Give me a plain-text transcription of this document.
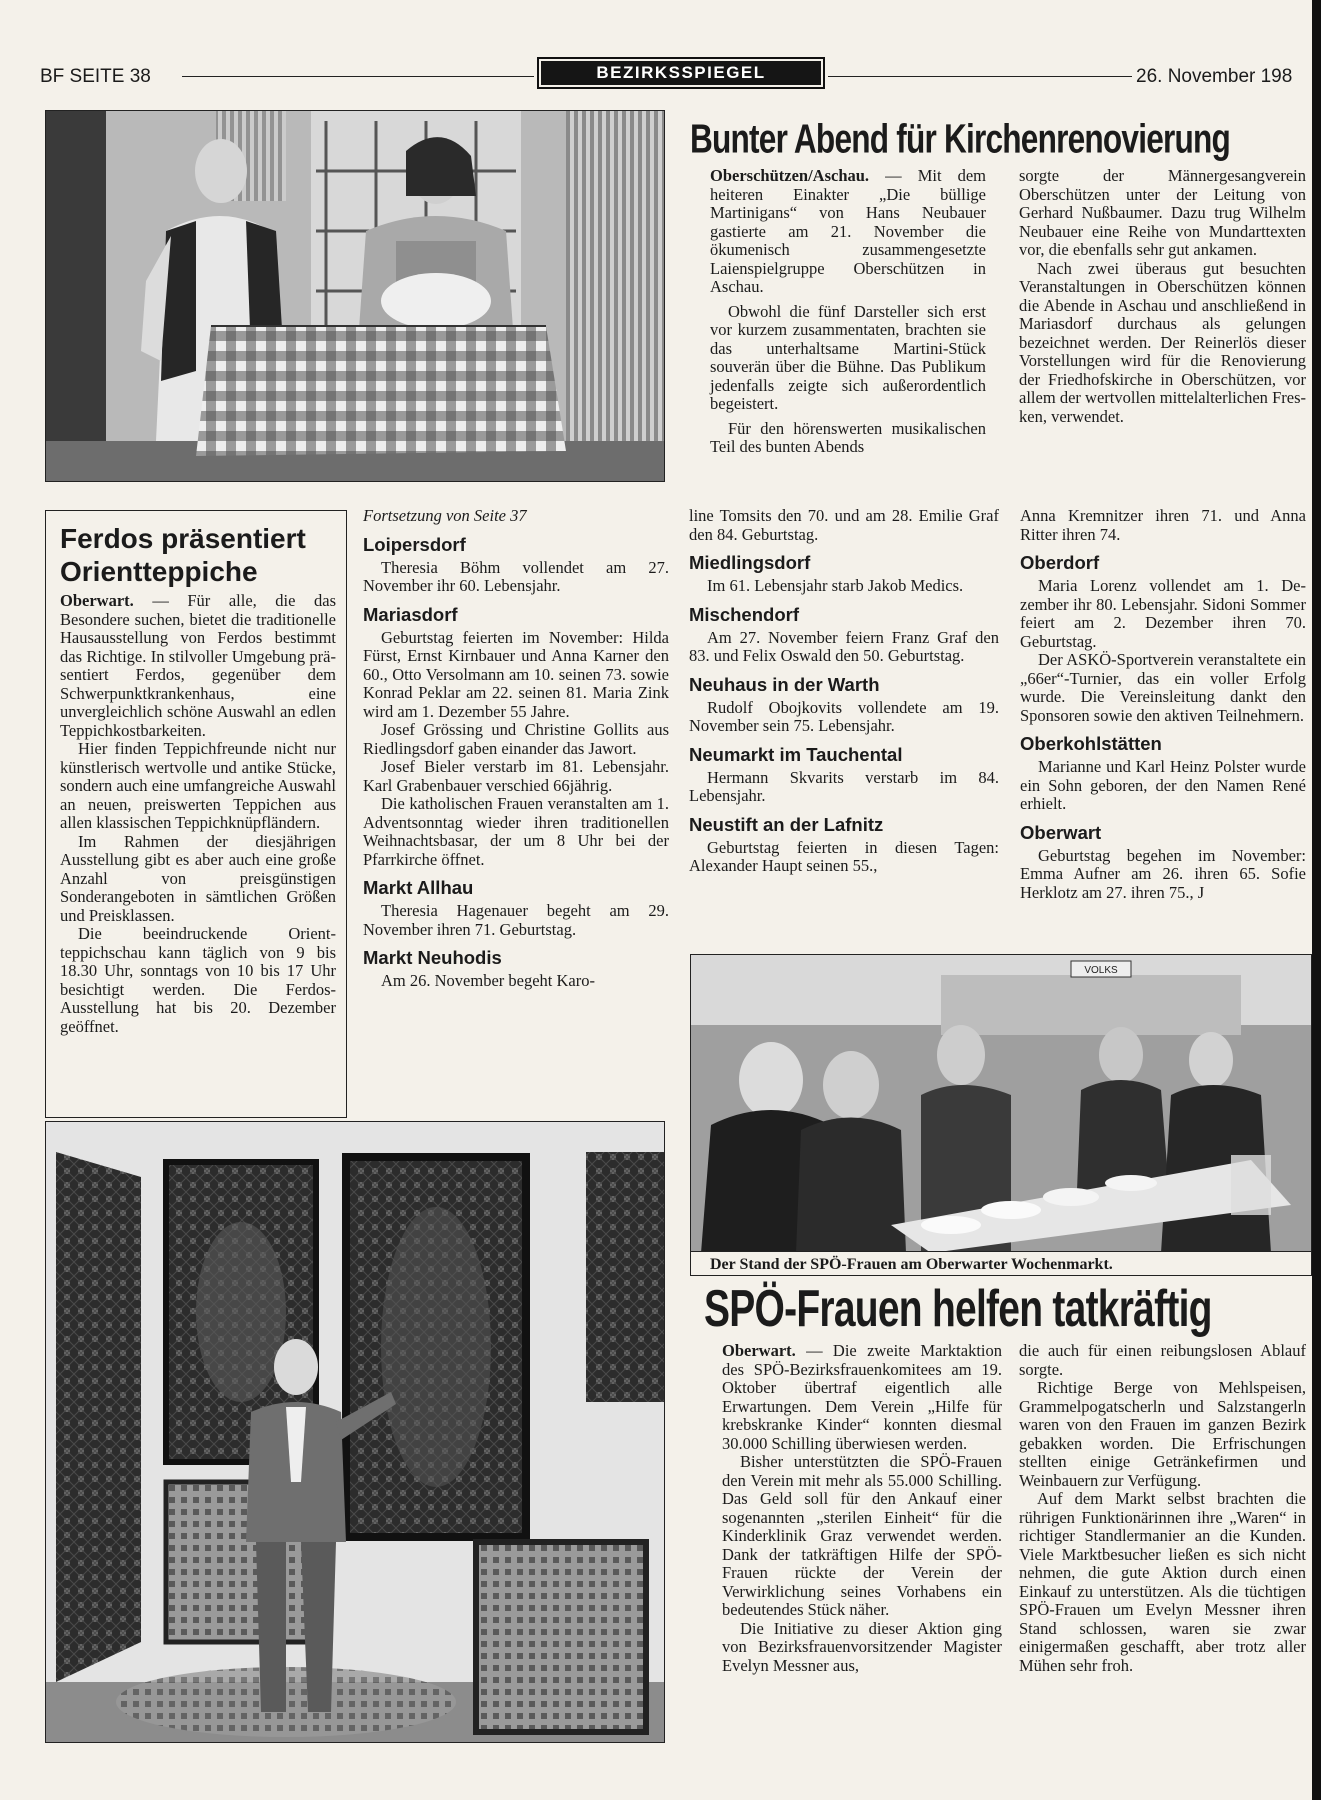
BF SEITE 38	BEZIRKSSPIEGEL	26. November 198
Bunter Abend für Kirchenrenovierung

Oberschützen/Aschau. — Mit dem heiteren Einakter „Die büllige Martinigans“ von Hans Neubauer gastierte am 21. November die ökumenisch zusammengesetzte Laienspielgruppe Oberschützen in Aschau.

Obwohl die fünf Darsteller sich erst vor kurzem zusammentaten, brachten sie das unterhaltsame Martini-Stück souverän über die Bühne. Das Publikum jedenfalls zeigte sich außerordentlich begeistert.

Für den hörenswerten musikalischen Teil des bunten Abends

sorgte der Männergesangverein Oberschützen unter der Leitung von Gerhard Nußbaumer. Dazu trug Wilhelm Neubauer eine Reihe von Mundarttexten vor, die ebenfalls sehr gut ankamen.

Nach zwei überaus gut besuchten Veranstaltungen in Oberschützen können die Abende in Aschau und anschließend in Mariasdorf durchaus als gelungen bezeichnet werden. Der Reinerlös dieser Vorstellungen wird für die Renovierung der Friedhofskirche in Oberschützen, vor allem der wertvollen mittelalterlichen Fresken, verwendet.

Ferdos präsentiert
Orientteppiche

Oberwart. — Für alle, die das Besondere suchen, bietet die traditionelle Hausausstellung von Ferdos bestimmt das Richtige. In stilvoller Umgebung präsentiert Ferdos, gegenüber dem Schwerpunktkrankenhaus, eine unvergleichlich schöne Auswahl an edlen Teppichkostbarkeiten.

Hier finden Teppichfreunde nicht nur künstlerisch wertvolle und antike Stücke, sondern auch eine umfangreiche Auswahl an neuen, preiswerten Teppichen aus allen klassischen Teppichknüpfländern.

Im Rahmen der diesjährigen Ausstellung gibt es aber auch eine große Anzahl von preisgünstigen Sonderangeboten in sämtlichen Größen und Preisklassen.

Die beeindruckende Orientteppichschau kann täglich von 9 bis 18.30 Uhr, sonntags von 10 bis 17 Uhr besichtigt werden. Die Ferdos-Ausstellung hat bis 20. Dezember geöffnet.

Fortsetzung von Seite 37

Loipersdorf

Theresia Böhm vollendet am 27. November ihr 60. Lebensjahr.

Mariasdorf

Geburtstag feierten im November: Hilda Fürst, Ernst Kirnbauer und Anna Karner den 60., Otto Versolmann am 10. seinen 73. sowie Konrad Peklar am 22. seinen 81. Maria Zink wird am 1. Dezember 55 Jahre.

Josef Grössing und Christine Gollits aus Riedlingsdorf gaben einander das Jawort.

Josef Bieler verstarb im 81. Lebensjahr. Karl Grabenbauer verschied 66jährig.

Die katholischen Frauen veranstalten am 1. Adventsonntag wieder ihren traditionellen Weihnachtsbasar, der um 8 Uhr bei der Pfarrkirche öffnet.

Markt Allhau

Theresia Hagenauer begeht am 29. November ihren 71. Geburtstag.

Markt Neuhodis

Am 26. November begeht Karo-

line Tomsits den 70. und am 28. Emilie Graf den 84. Geburtstag.

Miedlingsdorf

Im 61. Lebensjahr starb Jakob Medics.

Mischendorf

Am 27. November feiern Franz Graf den 83. und Felix Oswald den 50. Geburtstag.

Neuhaus in der Warth

Rudolf Obojkovits vollendete am 19. November sein 75. Lebensjahr.

Neumarkt im Tauchental

Hermann Skvarits verstarb im 84. Lebensjahr.

Neustift an der Lafnitz

Geburtstag feierten in diesen Tagen: Alexander Haupt seinen 55.,

Anna Kremnitzer ihren 71. und Anna Ritter ihren 74.

Oberdorf

Maria Lorenz vollendet am 1. Dezember ihr 80. Lebensjahr. Sidoni Sommer feiert am 2. Dezember ihren 70. Geburtstag.

Der ASKÖ-Sportverein veranstaltete ein „66er“-Turnier, das ein voller Erfolg wurde. Die Vereinsleitung dankt den Sponsoren sowie den aktiven Teilnehmern.

Oberkohlstätten

Marianne und Karl Heinz Polster wurde ein Sohn geboren, der den Namen René erhielt.

Oberwart

Geburtstag begehen im November: Emma Aufner am 26. ihren 65. Sofie Herklotz am 27. ihren 75., J

VOLKS
Der Stand der SPÖ-Frauen am Oberwarter Wochenmarkt.
SPÖ-Frauen helfen tatkräftig

Oberwart. — Die zweite Marktaktion des SPÖ-Bezirksfrauenkomitees am 19. Oktober übertraf eigentlich alle Erwartungen. Dem Verein „Hilfe für krebskranke Kinder“ konnten diesmal 30.000 Schilling überwiesen werden.

Bisher unterstützten die SPÖ-Frauen den Verein mit mehr als 55.000 Schilling. Das Geld soll für den Ankauf einer sogenannten „sterilen Einheit“ für die Kinderklinik Graz verwendet werden. Dank der tatkräftigen Hilfe der SPÖ-Frauen rückte der Verein der Verwirklichung seines Vorhabens ein bedeutendes Stück näher.

Die Initiative zu dieser Aktion ging von Bezirksfrauenvorsitzender Magister Evelyn Messner aus,

die auch für einen reibungslosen Ablauf sorgte.

Richtige Berge von Mehlspeisen, Grammelpogatscherln und Salzstangerln waren von den Frauen im ganzen Bezirk gebakken worden. Die Erfrischungen stellten einige Getränkefirmen und Weinbauern zur Verfügung.

Auf dem Markt selbst brachten die rührigen Funktionärinnen ihre „Waren“ in richtiger Standlermanier an die Kunden. Viele Marktbesucher ließen es sich nicht nehmen, die gute Aktion durch einen Einkauf zu unterstützen. Als die tüchtigen SPÖ-Frauen um Evelyn Messner ihren Stand schlossen, waren sie zwar einigermaßen geschafft, aber trotz aller Mühen sehr froh.
